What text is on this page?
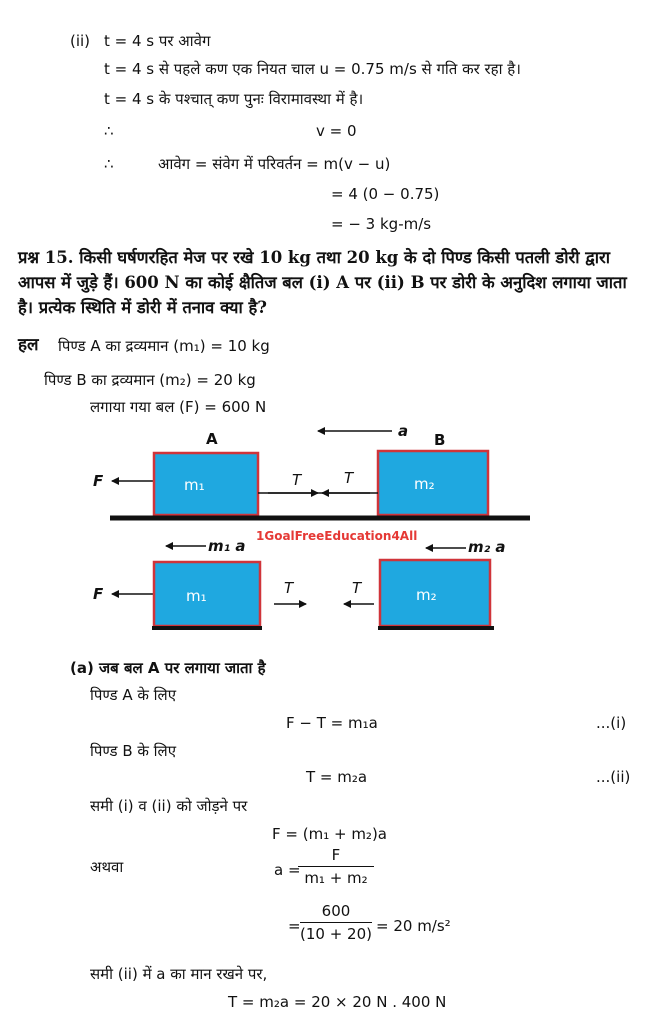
(ii) t = 4 s पर आवेग
t = 4 s से पहले कण एक नियत चाल u = 0.75 m/s से गति कर रहा है।
t = 4 s के पश्चात् कण पुनः विरामावस्था में है।
∴	v = 0
∴	आवेग = संवेग में परिवर्तन = m(v − u)
= 4 (0 − 0.75)
= − 3 kg-m/s
प्रश्न 15. किसी घर्षणरहित मेज पर रखे 10 kg तथा 20 kg के दो पिण्ड किसी पतली डोरी द्वारा
आपस में जुड़े हैं। 600 N का कोई क्षैतिज बल (i) A पर (ii) B पर डोरी के अनुदिश लगाया जाता
है। प्रत्येक स्थिति में डोरी में तनाव क्या है?
हल पिण्ड A का द्रव्यमान (m₁) = 10 kg
पिण्ड B का द्रव्यमान (m₂) = 20 kg
लगाया गया बल (F) = 600 N
A	B
a
F	T	T
m₁	m₂
1GoalFreeEducation4All
m₁ a	m₂ a
F	T	T
m₁	m₂
(a) जब बल A पर लगाया जाता है
पिण्ड A के लिए
F − T = m₁a	...(i)
पिण्ड B के लिए
T = m₂a	...(ii)
समी (i) व (ii) को जोड़ने पर
F = (m₁ + m₂)a
अथवा	a =
F
m₁ + m₂
=
600
(10 + 20) = 20 m/s²
समी (ii) में a का मान रखने पर,
T = m₂a = 20 × 20 N . 400 N
